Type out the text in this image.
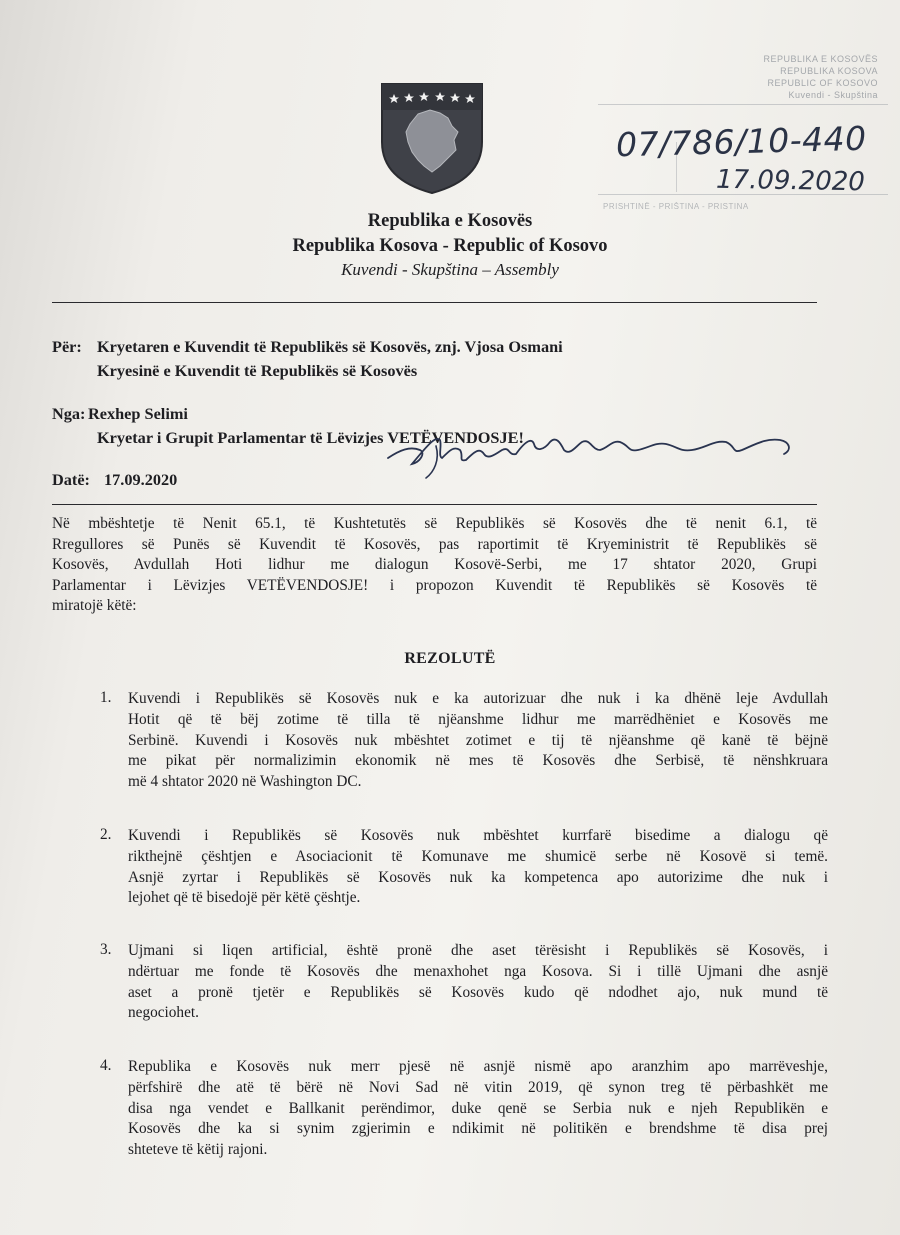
REPUBLIKA E KOSOVËS
REPUBLIKA KOSOVA
REPUBLIC OF KOSOVO
Kuvendi - Skupština
07/786/10-440
17.09.2020
PRISHTINË - PRIŠTINA - PRISTINA
Republika e Kosovës
Republika Kosova - Republic of Kosovo
Kuvendi - Skupština – Assembly
Për: Kryetaren e Kuvendit të Republikës së Kosovës, znj. Vjosa Osmani
Kryesinë e Kuvendit të Republikës së Kosovës
Nga: Rexhep Selimi
Kryetar i Grupit Parlamentar të Lëvizjes VETËVENDOSJE!
Datë: 17.09.2020
Në mbështetje të Nenit 65.1, të Kushtetutës së Republikës së Kosovës dhe të nenit 6.1, të
Rregullores së Punës së Kuvendit të Kosovës, pas raportimit të Kryeministrit të Republikës së
Kosovës, Avdullah Hoti lidhur me dialogun Kosovë-Serbi, me 17 shtator 2020, Grupi
Parlamentar i Lëvizjes VETËVENDOSJE! i propozon Kuvendit të Republikës së Kosovës të
miratojë këtë:
REZOLUTË
1. Kuvendi i Republikës së Kosovës nuk e ka autorizuar dhe nuk i ka dhënë leje Avdullah
Hotit që të bëj zotime të tilla të njëanshme lidhur me marrëdhëniet e Kosovës me
Serbinë. Kuvendi i Kosovës nuk mbështet zotimet e tij të njëanshme që kanë të bëjnë
me pikat për normalizimin ekonomik në mes të Kosovës dhe Serbisë, të nënshkruara
më 4 shtator 2020 në Washington DC.
2. Kuvendi i Republikës së Kosovës nuk mbështet kurrfarë bisedime a dialogu që
rikthejnë çështjen e Asociacionit të Komunave me shumicë serbe në Kosovë si temë.
Asnjë zyrtar i Republikës së Kosovës nuk ka kompetenca apo autorizime dhe nuk i
lejohet që të bisedojë për këtë çështje.
3. Ujmani si liqen artificial, është pronë dhe aset tërësisht i Republikës së Kosovës, i
ndërtuar me fonde të Kosovës dhe menaxhohet nga Kosova. Si i tillë Ujmani dhe asnjë
aset a pronë tjetër e Republikës së Kosovës kudo që ndodhet ajo, nuk mund të
negociohet.
4. Republika e Kosovës nuk merr pjesë në asnjë nismë apo aranzhim apo marrëveshje,
përfshirë dhe atë të bërë në Novi Sad në vitin 2019, që synon treg të përbashkët me
disa nga vendet e Ballkanit perëndimor, duke qenë se Serbia nuk e njeh Republikën e
Kosovës dhe ka si synim zgjerimin e ndikimit në politikën e brendshme të disa prej
shteteve të këtij rajoni.
